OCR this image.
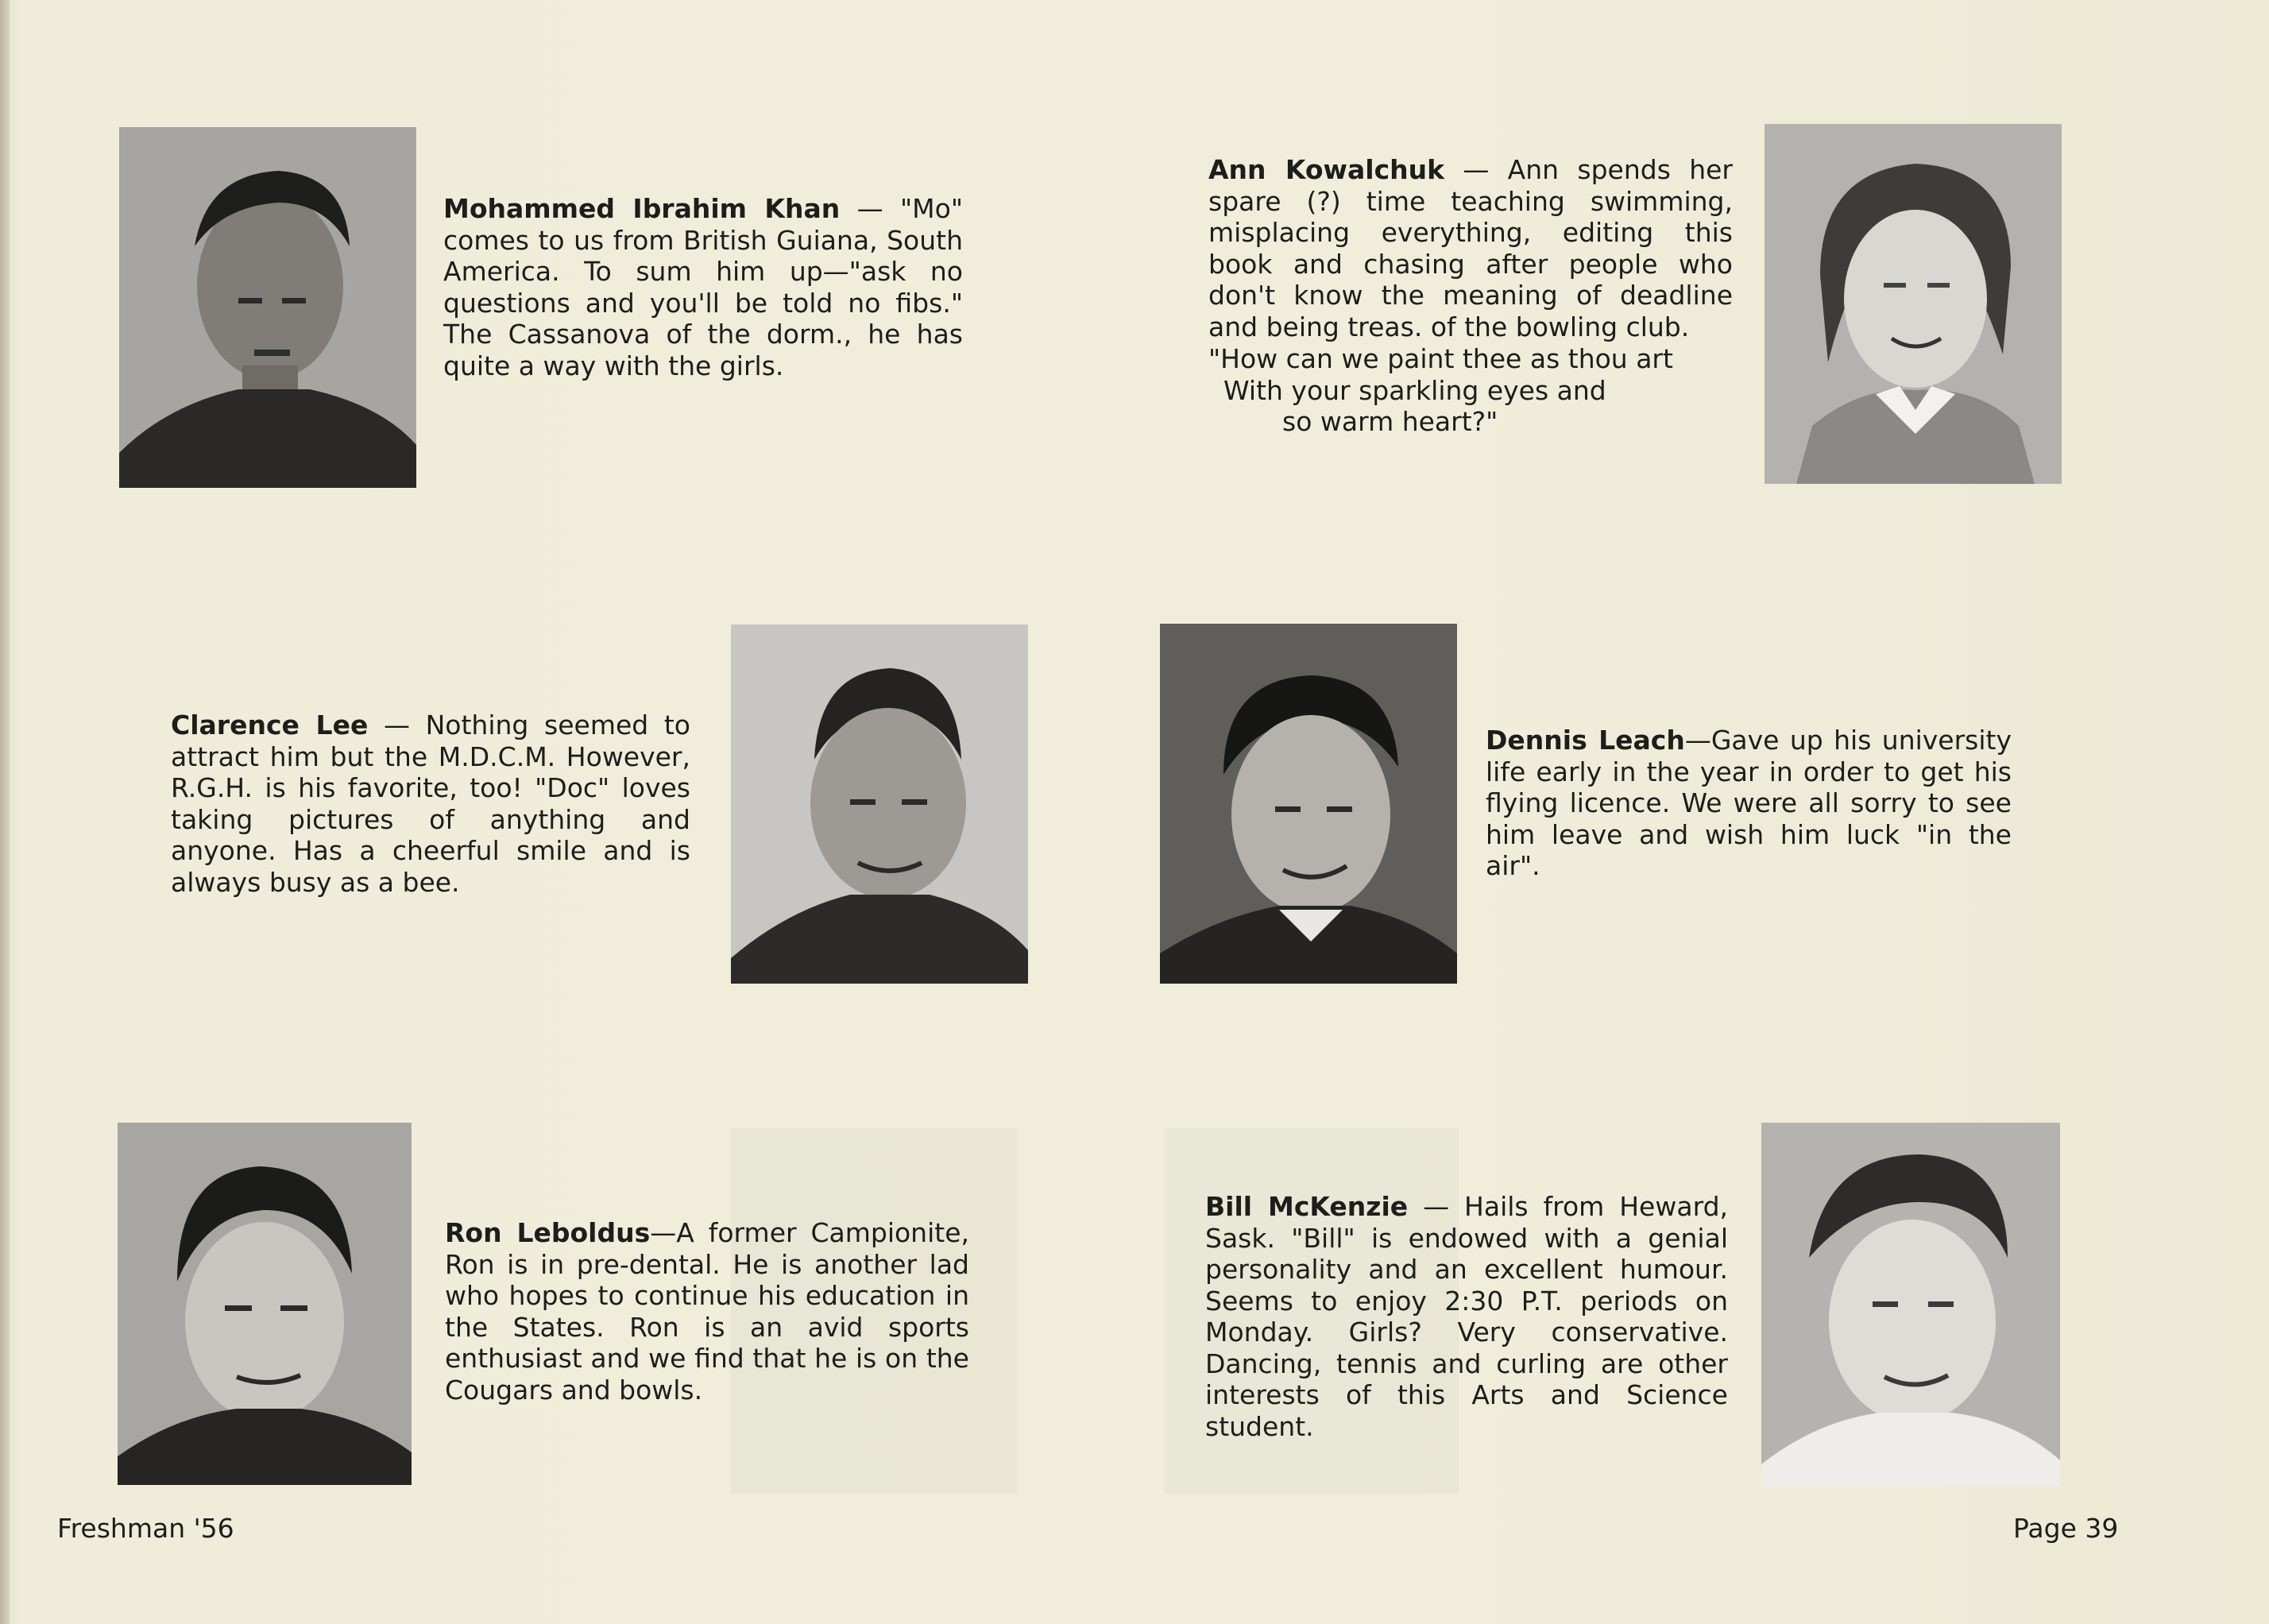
Mohammed Ibrahim Khan — "Mo" comes to us from British Guiana, South America. To sum him up—"ask no questions and you'll be told no fibs." The Cassanova of the dorm., he has quite a way with the girls.

Ann Kowalchuk — Ann spends her spare (?) time teaching swimming, misplacing everything, editing this book and chasing after people who don't know the meaning of deadline and being treas. of the bowling club.

"How can we paint thee as thou art

With your sparkling eyes and

so warm heart?"

Clarence Lee — Nothing seemed to attract him but the M.D.C.M. However, R.G.H. is his favorite, too! "Doc" loves taking pictures of anything and anyone. Has a cheerful smile and is always busy as a bee.

Dennis Leach—Gave up his university life early in the year in order to get his flying licence. We were all sorry to see him leave and wish him luck "in the air".

Ron Leboldus—A former Campionite, Ron is in pre-dental. He is another lad who hopes to continue his education in the States. Ron is an avid sports enthusiast and we find that he is on the Cougars and bowls.

Bill McKenzie — Hails from Heward, Sask. "Bill" is endowed with a genial personality and an excellent humour. Seems to enjoy 2:30 P.T. periods on Monday. Girls? Very conservative. Dancing, tennis and curling are other interests of this Arts and Science student.

Freshman '56	Page 39
